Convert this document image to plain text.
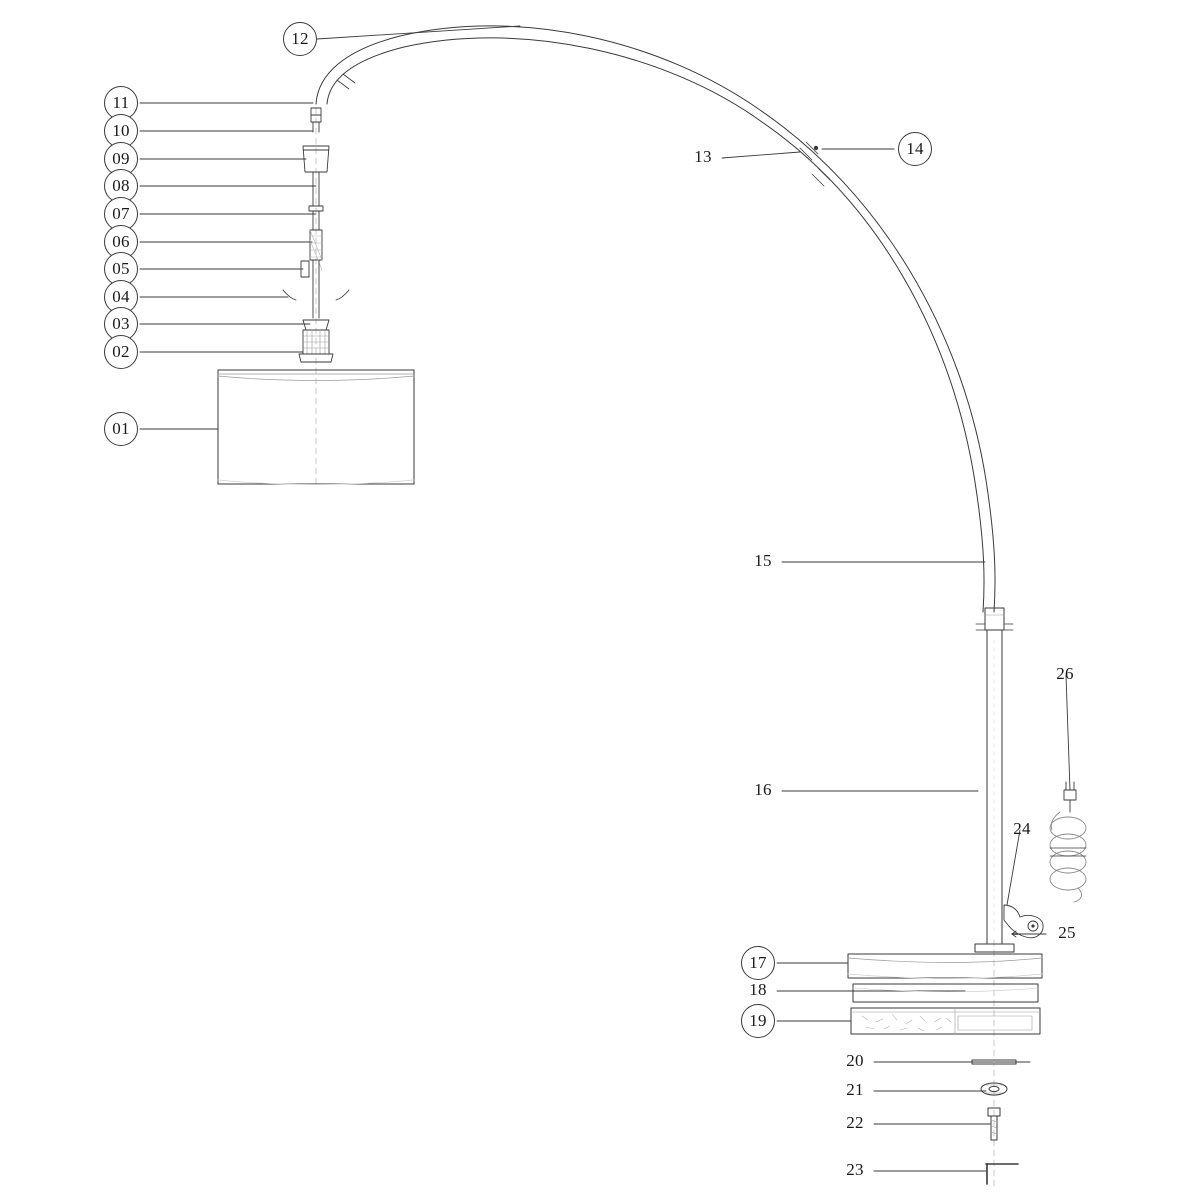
12
11
10
09
08
07
06
05
04
03
02
01
13	14
15
16
26
24
25
17
18
19
20
21
22
23
